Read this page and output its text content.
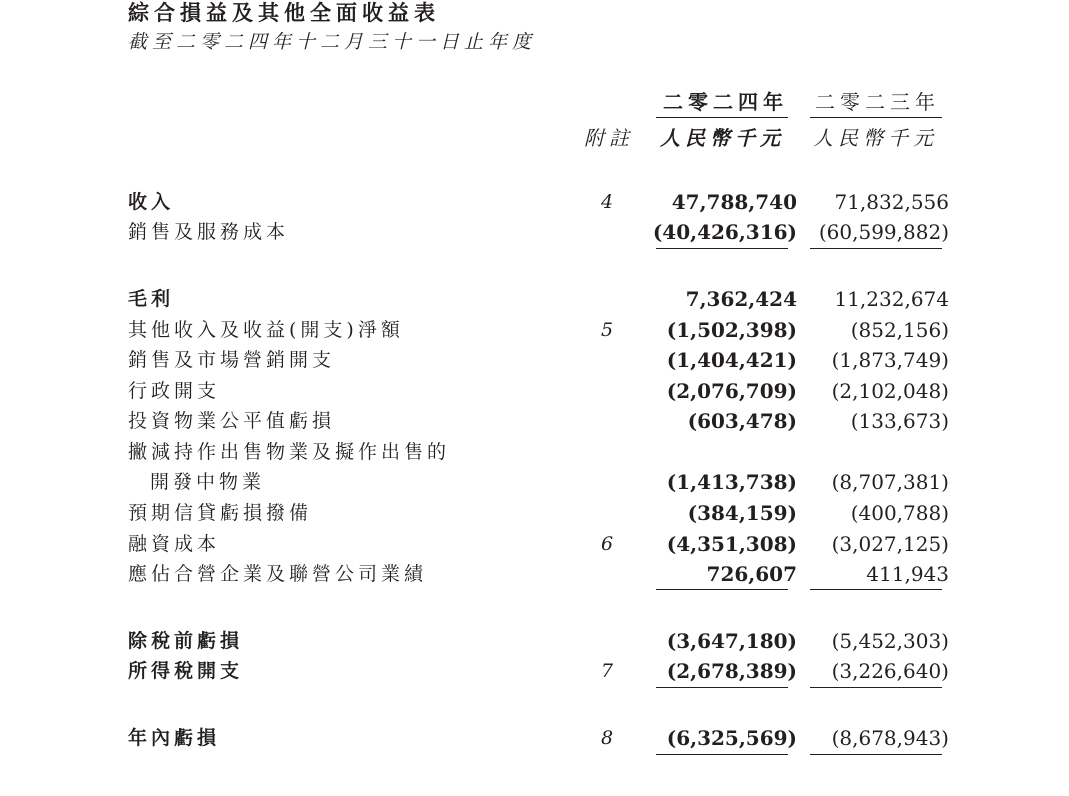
綜合損益及其他全面收益表
截至二零二四年十二月三十一日止年度
二零二四年 二零二三年
附註 人民幣千元 人民幣千元
收入	4	47,788,740 71,832,556
銷售及服務成本	(40,426,316) (60,599,882)
毛利	7,362,424 11,232,674
其他收入及收益(開支)淨額	5	(1,502,398)	(852,156)
銷售及市場營銷開支	(1,404,421) (1,873,749)
行政開支	(2,076,709) (2,102,048)
投資物業公平值虧損	(603,478)	(133,673)
撇減持作出售物業及擬作出售的
開發中物業	(1,413,738) (8,707,381)
預期信貸虧損撥備	(384,159)	(400,788)
融資成本	6	(4,351,308) (3,027,125)
應佔合營企業及聯營公司業績	726,607	411,943
除稅前虧損	(3,647,180) (5,452,303)
所得稅開支	7	(2,678,389) (3,226,640)
年內虧損	8	(6,325,569) (8,678,943)
